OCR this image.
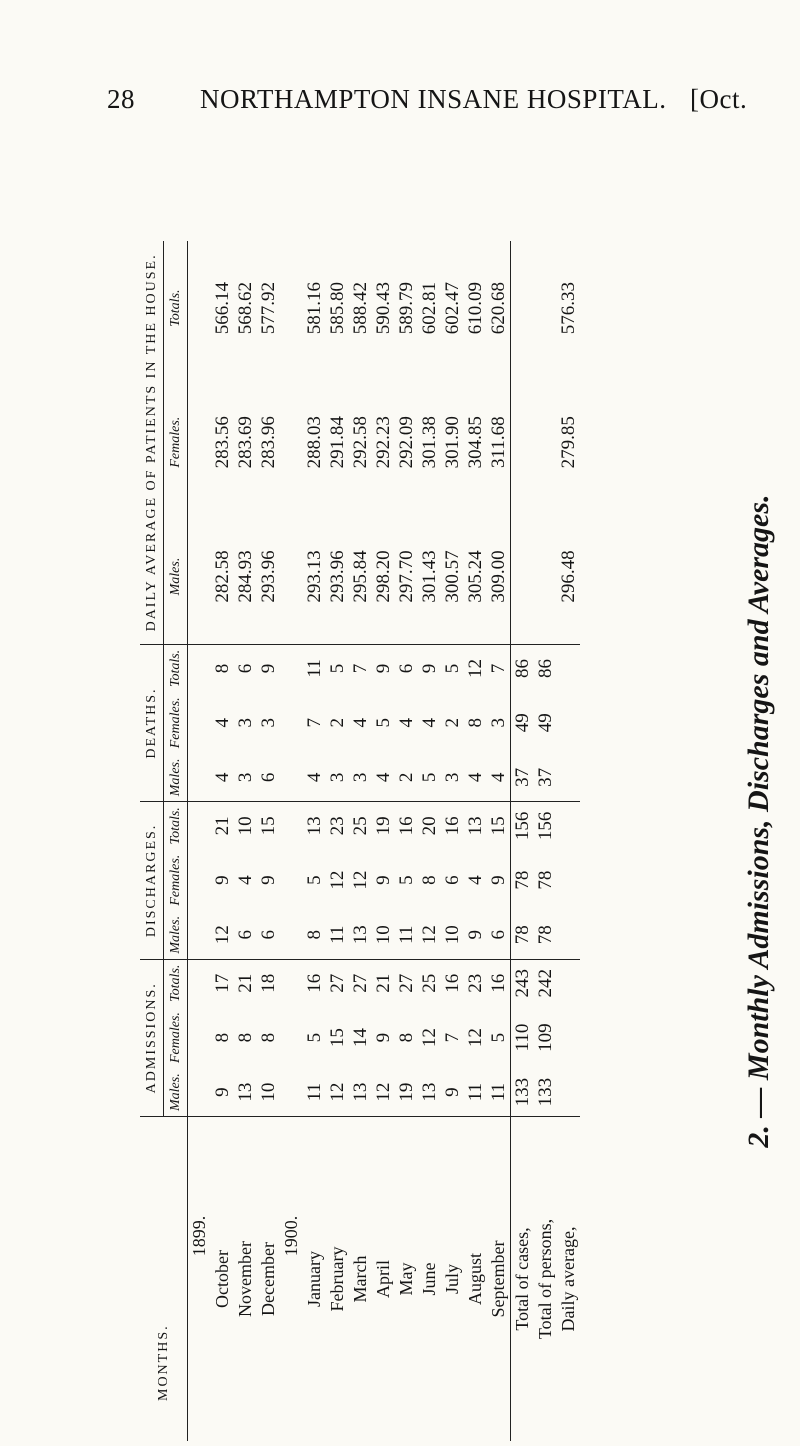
28 NORTHAMPTON INSANE HOSPITAL. [Oct.
2. — Monthly Admissions, Discharges and Averages.
MONTHS.	ADMISSIONS.			DISCHARGES.			DEATHS.			DAILY AVERAGE OF PATIENTS IN THE HOUSE.		
	Males.	Females.	Totals.	Males.	Females.	Totals.	Males.	Females.	Totals.	Males.	Females.	Totals.
1899.												
October	9	8	17	12	9	21	4	4	8	282.58	283.56	566.14
November	13	8	21	6	4	10	3	3	6	284.93	283.69	568.62
December	10	8	18	6	9	15	6	3	9	293.96	283.96	577.92
1900.												
January	11	5	16	8	5	13	4	7	11	293.13	288.03	581.16
February	12	15	27	11	12	23	3	2	5	293.96	291.84	585.80
March	13	14	27	13	12	25	3	4	7	295.84	292.58	588.42
April	12	9	21	10	9	19	4	5	9	298.20	292.23	590.43
May	19	8	27	11	5	16	2	4	6	297.70	292.09	589.79
June	13	12	25	12	8	20	5	4	9	301.43	301.38	602.81
July	9	7	16	10	6	16	3	2	5	300.57	301.90	602.47
August	11	12	23	9	4	13	4	8	12	305.24	304.85	610.09
September	11	5	16	6	9	15	4	3	7	309.00	311.68	620.68
Total of cases,	133	110	243	78	78	156	37	49	86			
Total of persons,	133	109	242	78	78	156	37	49	86			
Daily average,										296.48	279.85	576.33
